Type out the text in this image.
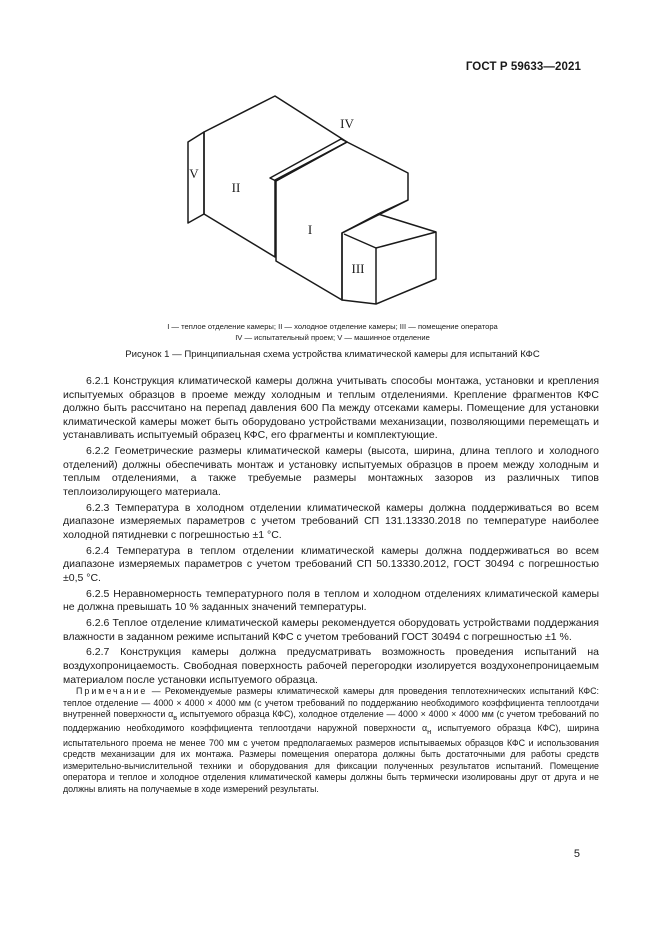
ГОСТ Р 59633—2021
V
II
IV
I
III
I — теплое отделение камеры; II — холодное отделение камеры; III — помещение оператора
IV — испытательный проем; V — машинное отделение
Рисунок 1 — Принципиальная схема устройства климатической камеры для испытаний КФС

6.2.1 Конструкция климатической камеры должна учитывать способы монтажа, установки и крепления испытуемых образцов в проеме между холодным и теплым отделениями. Крепление фрагментов КФС должно быть рассчитано на перепад давления 600 Па между отсеками камеры. Помещение для установки климатической камеры может быть оборудовано устройствами механизации, позволяющими перемещать и устанавливать испытуемый образец КФС, его фрагменты и комплектующие.

6.2.2 Геометрические размеры климатической камеры (высота, ширина, длина теплого и холодного отделений) должны обеспечивать монтаж и установку испытуемых образцов в проем между холодным и теплым отделениями, а также требуемые размеры монтажных зазоров из различных типов теплоизолирующего материала.

6.2.3 Температура в холодном отделении климатической камеры должна поддерживаться во всем диапазоне измеряемых параметров с учетом требований СП 131.13330.2018 по температуре наиболее холодной пятидневки с погрешностью ±1 °С.

6.2.4 Температура в теплом отделении климатической камеры должна поддерживаться во всем диапазоне измеряемых параметров с учетом требований СП 50.13330.2012, ГОСТ 30494 с погрешностью ±0,5 °С.

6.2.5 Неравномерность температурного поля в теплом и холодном отделениях климатической камеры не должна превышать 10 % заданных значений температуры.

6.2.6 Теплое отделение климатической камеры рекомендуется оборудовать устройствами поддержания влажности в заданном режиме испытаний КФС с учетом требований ГОСТ 30494 с погрешностью ±1 %.

6.2.7 Конструкция камеры должна предусматривать возможность проведения испытаний на воздухопроницаемость. Свободная поверхность рабочей перегородки изолируется воздухонепроницаемым материалом после установки испытуемого образца.

Примечание — Рекомендуемые размеры климатической камеры для проведения теплотехнических испытаний КФС: теплое отделение — 4000 × 4000 × 4000 мм (с учетом требований по поддержанию необходимого коэффициента теплоотдачи внутренней поверхности $\alpha_в$ испытуемого образца КФС), холодное отделение — 4000 × 4000 × 4000 мм (с учетом требований по поддержанию необходимого коэффициента теплоотдачи наружной поверхности $\alpha_н$ испытуемого образца КФС), ширина испытательного проема не менее 700 мм с учетом предполагаемых размеров испытываемых образцов КФС и использования средств механизации для их монтажа. Размеры помещения оператора должны быть достаточными для работы средств измерительно-вычислительной техники и оборудования для фиксации полученных результатов испытаний. Помещение оператора и теплое и холодное отделения климатической камеры должны быть термически изолированы друг от друга и не должны влиять на получаемые в ходе измерений результаты.
5
